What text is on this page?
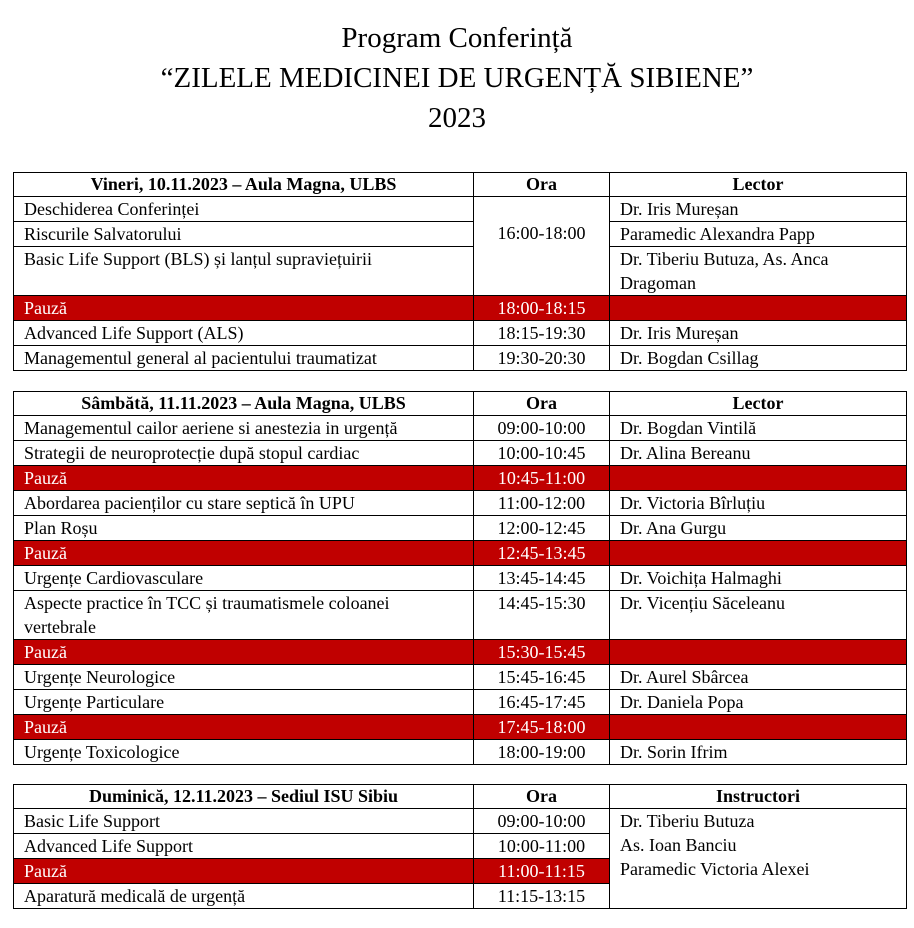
Program Conferință
“ZILELE MEDICINEI DE URGENȚĂ SIBIENE”
2023
Vineri, 10.11.2023 – Aula Magna, ULBS	Ora	Lector
Deschiderea Conferinței	16:00-18:00	Dr. Iris Mureșan
Riscurile Salvatorului		Paramedic Alexandra Papp
Basic Life Support (BLS) și lanțul supraviețuirii		Dr. Tiberiu Butuza, As. Anca Dragoman
Pauză	18:00-18:15	
Advanced Life Support (ALS)	18:15-19:30	Dr. Iris Mureșan
Managementul general al pacientului traumatizat	19:30-20:30	Dr. Bogdan Csillag
Sâmbătă, 11.11.2023 – Aula Magna, ULBS	Ora	Lector
Managementul cailor aeriene si anestezia in urgență	09:00-10:00	Dr. Bogdan Vintilă
Strategii de neuroprotecție după stopul cardiac	10:00-10:45	Dr. Alina Bereanu
Pauză	10:45-11:00	
Abordarea pacienților cu stare septică în UPU	11:00-12:00	Dr. Victoria Bîrluțiu
Plan Roșu	12:00-12:45	Dr. Ana Gurgu
Pauză	12:45-13:45	
Urgențe Cardiovasculare	13:45-14:45	Dr. Voichița Halmaghi
Aspecte practice în TCC și traumatismele coloanei vertebrale	14:45-15:30	Dr. Vicențiu Săceleanu
Pauză	15:30-15:45	
Urgențe Neurologice	15:45-16:45	Dr. Aurel Sbârcea
Urgențe Particulare	16:45-17:45	Dr. Daniela Popa
Pauză	17:45-18:00	
Urgențe Toxicologice	18:00-19:00	Dr. Sorin Ifrim
Duminică, 12.11.2023 – Sediul ISU Sibiu	Ora	Instructori
Basic Life Support	09:00-10:00	Dr. Tiberiu Butuza
As. Ioan Banciu
Paramedic Victoria Alexei

Advanced Life Support	10:00-11:00	
Pauză	11:00-11:15	
Aparatură medicală de urgență	11:15-13:15	
